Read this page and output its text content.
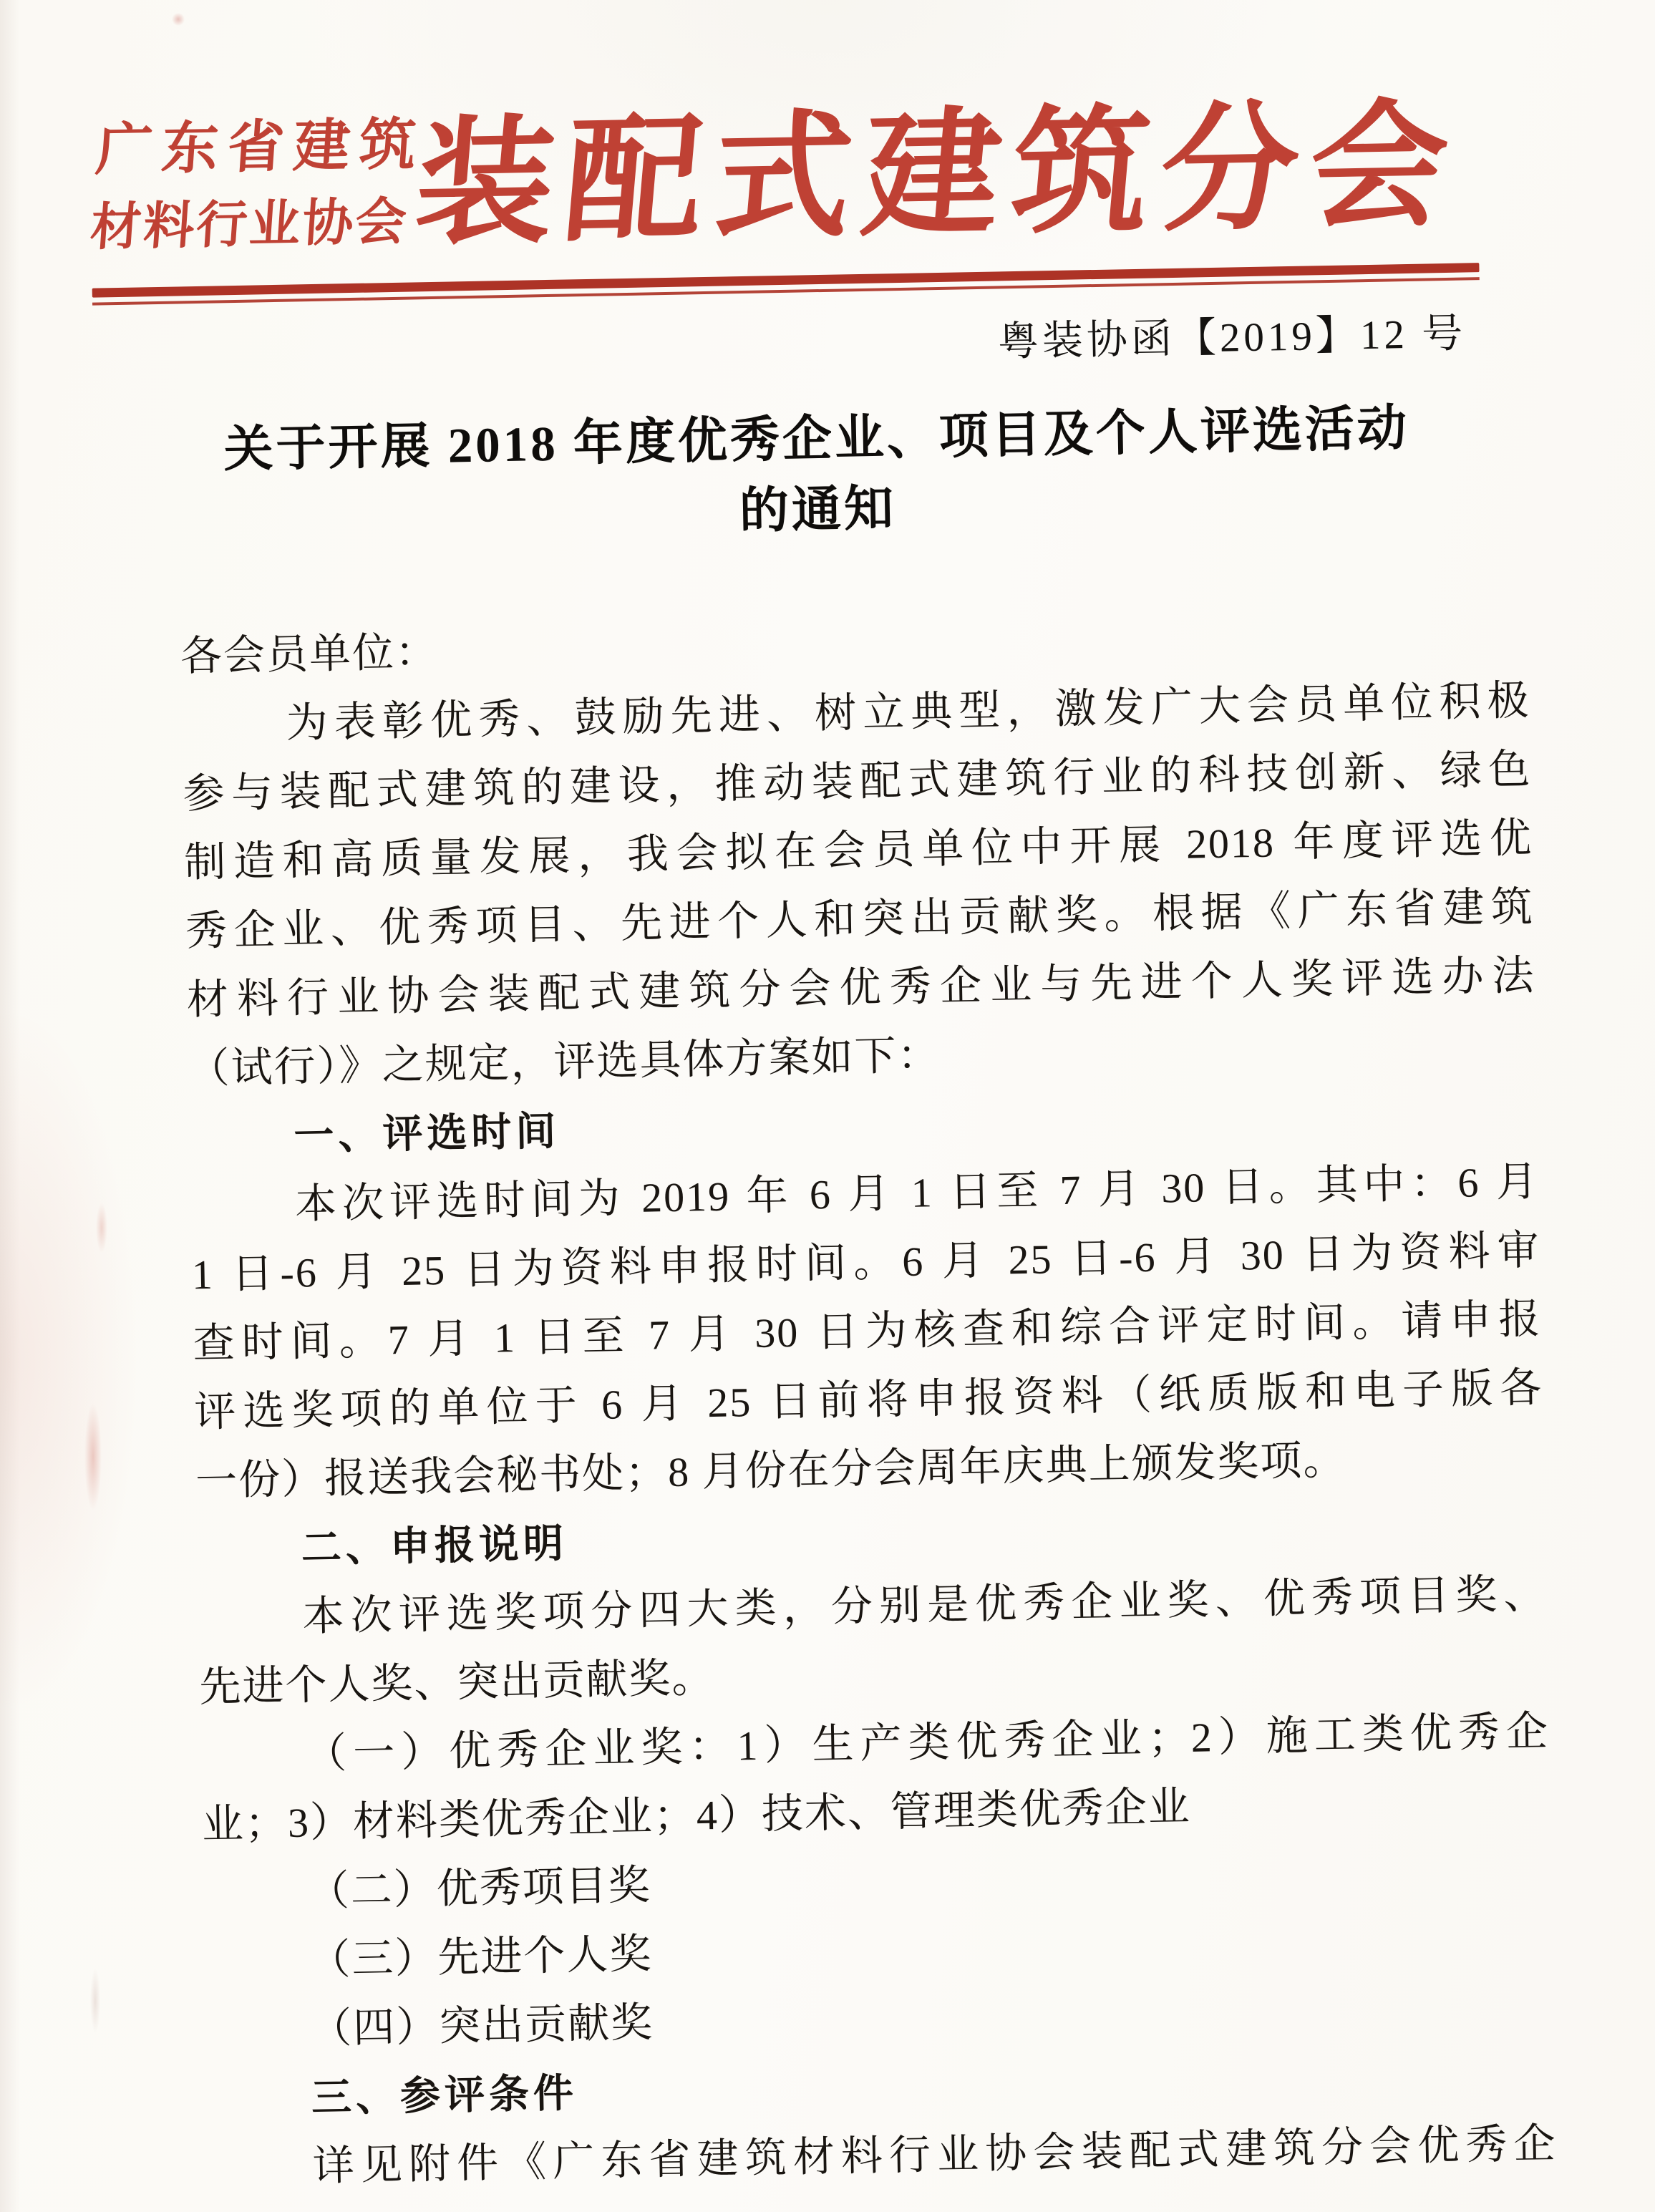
广东省建筑
材料行业协会 装配式建筑分会
粤装协函【2019】12 号
关于开展 2018 年度优秀企业、项目及个人评选活动
的通知
各会员单位：
为表彰优秀、鼓励先进、树立典型，激发广大会员单位积极
参与装配式建筑的建设，推动装配式建筑行业的科技创新、绿色
制造和高质量发展，我会拟在会员单位中开展 2018 年度评选优
秀企业、优秀项目、先进个人和突出贡献奖。根据《广东省建筑
材料行业协会装配式建筑分会优秀企业与先进个人奖评选办法
（试行）》之规定，评选具体方案如下：
一、评选时间
本次评选时间为 2019 年 6 月 1 日至 7 月 30 日。其中：6 月
1 日-6 月 25 日为资料申报时间。6 月 25 日-6 月 30 日为资料审
查时间。7 月 1 日至 7 月 30 日为核查和综合评定时间。请申报
评选奖项的单位于 6 月 25 日前将申报资料（纸质版和电子版各
一份）报送我会秘书处；8 月份在分会周年庆典上颁发奖项。
二、申报说明
本次评选奖项分四大类，分别是优秀企业奖、优秀项目奖、
先进个人奖、突出贡献奖。
（一）优秀企业奖：1）生产类优秀企业；2）施工类优秀企
业；3）材料类优秀企业；4）技术、管理类优秀企业
（二）优秀项目奖
（三）先进个人奖
（四）突出贡献奖
三、参评条件
详见附件《广东省建筑材料行业协会装配式建筑分会优秀企
